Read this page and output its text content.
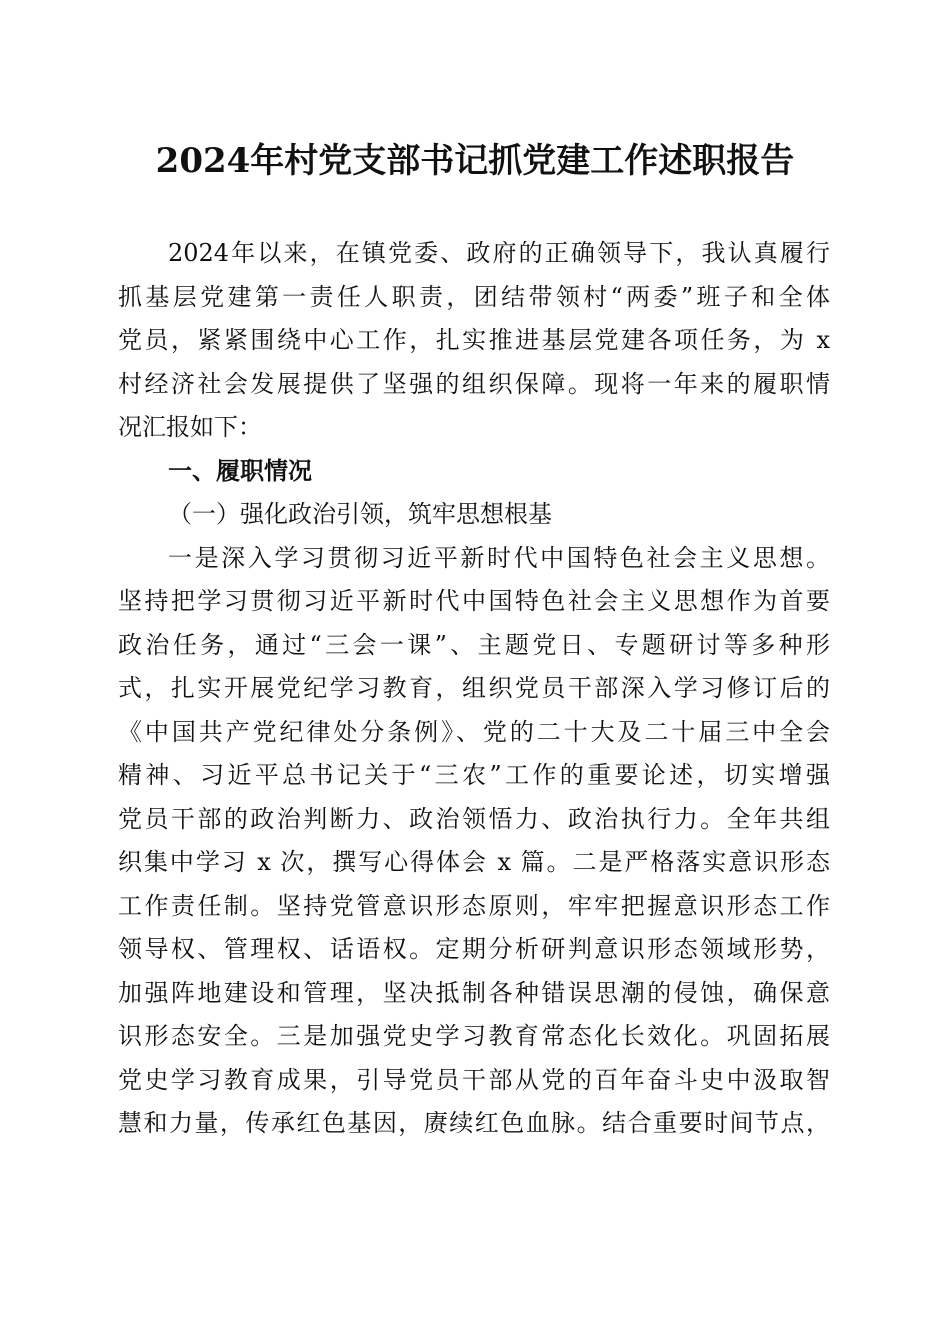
2024年村党支部书记抓党建工作述职报告
2024年以来，在镇党委、政府的正确领导下，我认真履行
抓基层党建第一责任人职责，团结带领村“两委”班子和全体
党员，紧紧围绕中心工作，扎实推进基层党建各项任务，为 x
村经济社会发展提供了坚强的组织保障。现将一年来的履职情
况汇报如下：
一、履职情况
（一）强化政治引领，筑牢思想根基
一是深入学习贯彻习近平新时代中国特色社会主义思想。
坚持把学习贯彻习近平新时代中国特色社会主义思想作为首要
政治任务，通过“三会一课”、主题党日、专题研讨等多种形
式，扎实开展党纪学习教育，组织党员干部深入学习修订后的
《中国共产党纪律处分条例》、党的二十大及二十届三中全会
精神、习近平总书记关于“三农”工作的重要论述，切实增强
党员干部的政治判断力、政治领悟力、政治执行力。全年共组
织集中学习 x 次，撰写心得体会 x 篇。二是严格落实意识形态
工作责任制。坚持党管意识形态原则，牢牢把握意识形态工作
领导权、管理权、话语权。定期分析研判意识形态领域形势，
加强阵地建设和管理，坚决抵制各种错误思潮的侵蚀，确保意
识形态安全。三是加强党史学习教育常态化长效化。巩固拓展
党史学习教育成果，引导党员干部从党的百年奋斗史中汲取智
慧和力量，传承红色基因，赓续红色血脉。结合重要时间节点，
